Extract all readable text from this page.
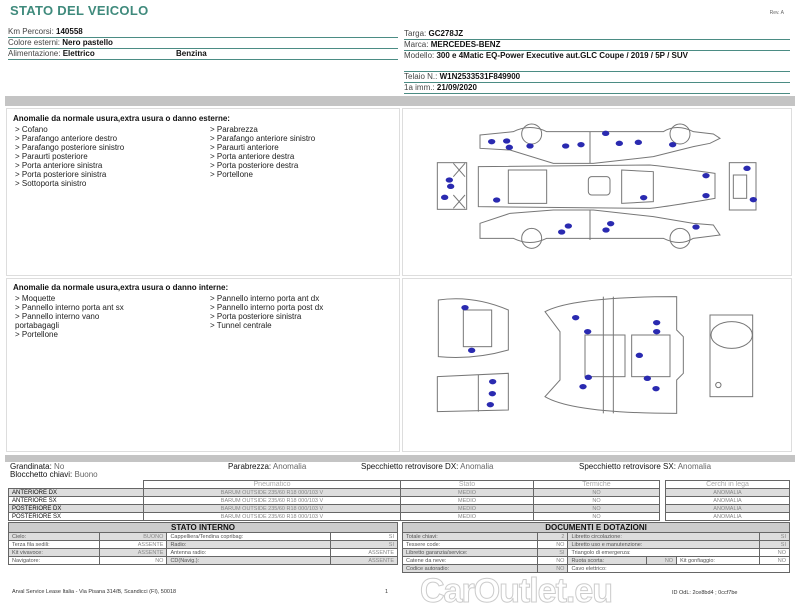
STATO DEL VEICOLO	Rev. A
Km Percorsi: 140558
Colore esterni: Nero pastello
Alimentazione: Elettrico	Benzina
Targa: GC278JZ
Marca: MERCEDES-BENZ
Modello: 300 e 4Matic EQ-Power Executive aut.GLC Coupe / 2019 / 5P / SUV
Telaio N.: W1N2533531F849900
1a imm.: 21/09/2020
Anomalie da normale usura,extra usura o danno esterne:
> Cofano
> Parafango anteriore destro
> Parafango posteriore sinistro
> Paraurti posteriore
> Porta anteriore sinistra
> Porta posteriore sinistra
> Sottoporta sinistro
> Parabrezza
> Parafango anteriore sinistro
> Paraurti anteriore
> Porta anteriore destra
> Porta posteriore destra
> Portellone
Anomalie da normale usura,extra usura o danno interne:
> Moquette
> Pannello interno porta ant sx
> Pannello interno vano
portabagagli
> Portellone
> Pannello interno porta ant dx
> Pannello interno porta post dx
> Porta posteriore sinistra
> Tunnel centrale
Grandinata: No
Blocchetto chiavi: Buono
Parabrezza: Anomalia	Specchietto retrovisore DX: Anomalia	Specchietto retrovisore SX: Anomalia
	Pneumatico	Stato	Termiche
ANTERIORE DX	BARUM OUTSIDE 235/60 R18 000/103 V	MEDIO	NO
ANTERIORE SX	BARUM OUTSIDE 235/60 R18 000/103 V	MEDIO	NO
POSTERIORE DX	BARUM OUTSIDE 235/60 R18 000/103 V	MEDIO	NO
POSTERIORE SX	BARUM OUTSIDE 235/60 R18 000/103 V	MEDIO	NO
Cerchi in lega
ANOMALIA
ANOMALIA
ANOMALIA
ANOMALIA
STATO INTERNO			
Cielo:	BUONO	Cappelliera/Tendina copribag:	SI
Terza fila sedili:	ASSENTE	Radio:	SI
Kit vivavoce:	ASSENTE	Antenna radio:	ASSENTE
Navigatore:	NO	CD(Navig.):	ASSENTE
DOCUMENTI E DOTAZIONI					
Totale chiavi:	2	Libretto circolazione:			SI
Tessere code:	NO	Libretto uso e manutenzione:			SI
Libretto garanzia/service:	SI	Triangolo di emergenza:			NO
Catene da neve:	NO	Ruota scorta:	NO	Kit gonfiaggio:	NO
Codice autoradio:	NO	Cavo elettrico:			
Arval Service Lease Italia - Via Pisana 314/B, Scandicci (FI), 50018	1	ID OdL: 2ce8bd4 ; 0ccf7be
CarOutlet.eu
